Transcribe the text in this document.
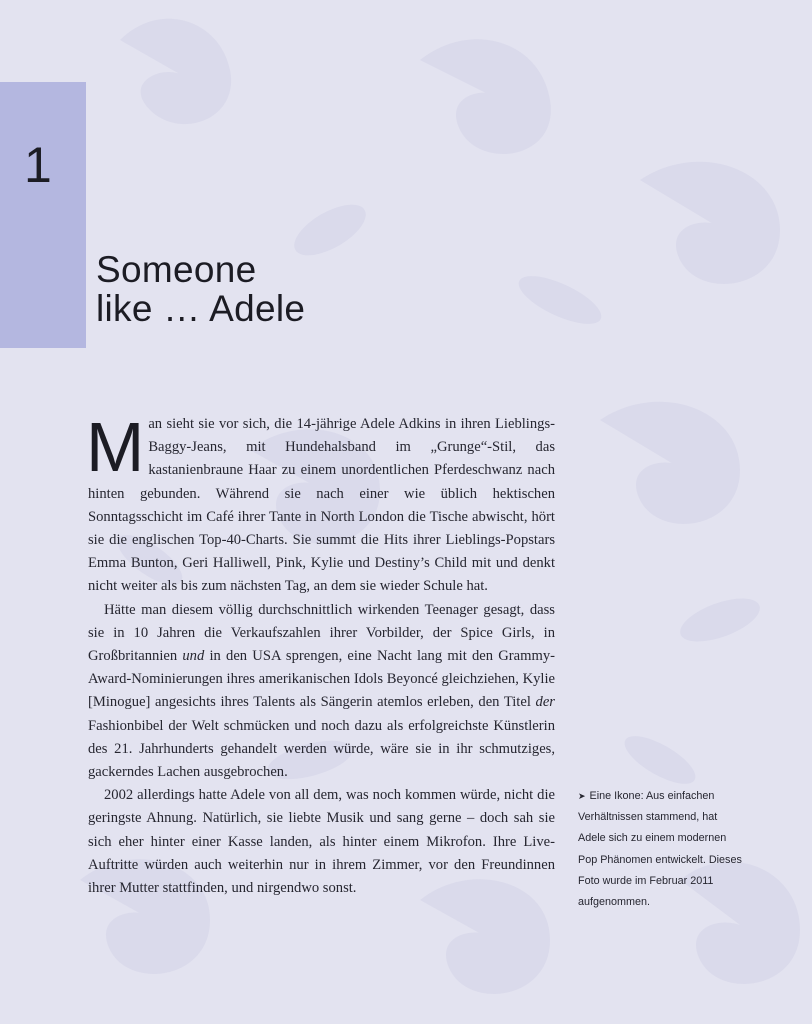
1
Someone
like … Adele

Man sieht sie vor sich, die 14-jährige Adele Adkins in ihren Lieblings-Baggy-Jeans, mit Hundehalsband im „Grunge“-Stil, das kastanienbraune Haar zu einem unordentlichen Pferdeschwanz nach hinten gebunden. Während sie nach einer wie üblich hektischen Sonntagsschicht im Café ihrer Tante in North London die Tische abwischt, hört sie die englischen Top-40-Charts. Sie summt die Hits ihrer Lieblings-Popstars Emma Bunton, Geri Halliwell, Pink, Kylie und Destiny’s Child mit und denkt nicht weiter als bis zum nächsten Tag, an dem sie wieder Schule hat.

Hätte man diesem völlig durchschnittlich wirkenden Teenager gesagt, dass sie in 10 Jahren die Verkaufszahlen ihrer Vorbilder, der Spice Girls, in Großbritannien und in den USA sprengen, eine Nacht lang mit den Grammy-Award-Nominierungen ihres amerikanischen Idols Beyoncé gleichziehen, Kylie [Minogue] angesichts ihres Talents als Sängerin atemlos erleben, den Titel der Fashionbibel der Welt schmücken und noch dazu als erfolgreichste Künstlerin des 21. Jahrhunderts gehandelt werden würde, wäre sie in ihr schmutziges, gackerndes Lachen ausgebrochen.

2002 allerdings hatte Adele von all dem, was noch kommen würde, nicht die geringste Ahnung. Natürlich, sie liebte Musik und sang gerne – doch sah sie sich eher hinter einer Kasse landen, als hinter einem Mikrofon. Ihre Live-Auftritte würden auch weiterhin nur in ihrem Zimmer, vor den Freundinnen ihrer Mutter stattfinden, und nirgendwo sonst.

➤ Eine Ikone: Aus einfachen Verhältnissen stammend, hat Adele sich zu einem modernen Pop Phänomen entwickelt. Dieses Foto wurde im Februar 2011 aufgenommen.
